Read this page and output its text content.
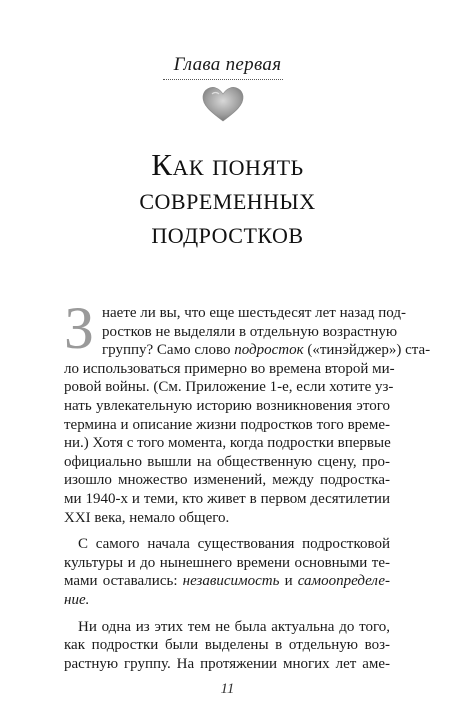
Глава первая
Как понять
современных
подростков
З наете ли вы, что еще шестьдесят лет назад под-
ростков не выделяли в отдельную возрастную
группу? Само слово подросток («тинэйджер») ста-
ло использоваться примерно во времена второй ми-
ровой войны. (См. Приложение 1-е, если хотите уз-
нать увлекательную историю возникновения этого
термина и описание жизни подростков того време-
ни.) Хотя с того момента, когда подростки впервые
официально вышли на общественную сцену, про-
изошло множество изменений, между подростка-
ми 1940-х и теми, кто живет в первом десятилетии
XXI века, немало общего.
С самого начала существования подростковой
культуры и до нынешнего времени основными те-
мами оставались: независимость и самоопределе-
ние.
Ни одна из этих тем не была актуальна до того,
как подростки были выделены в отдельную воз-
растную группу. На протяжении многих лет аме-
11
